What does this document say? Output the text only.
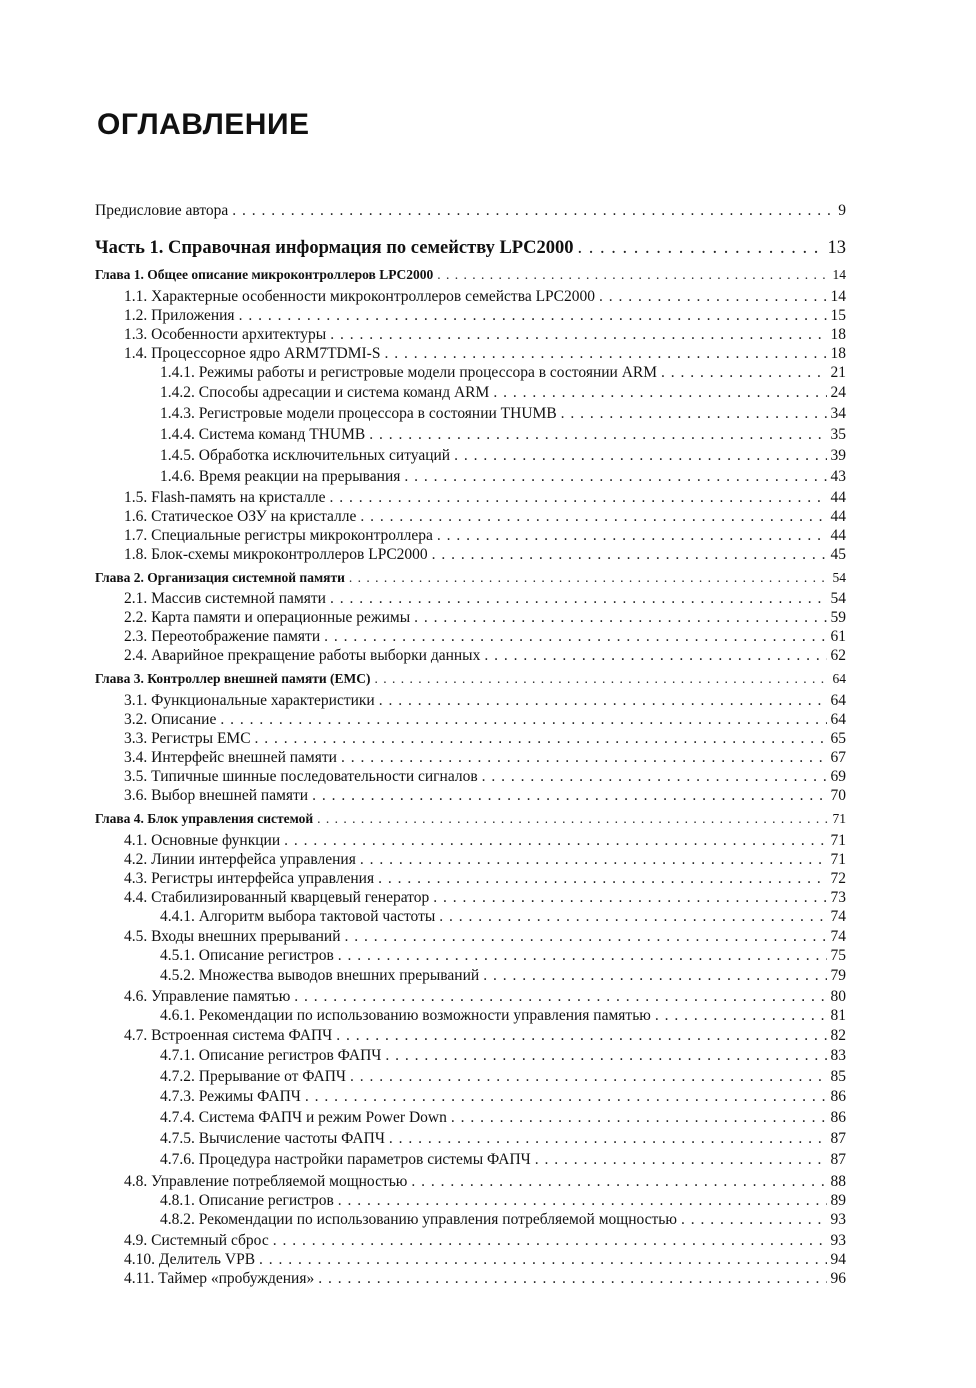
ОГЛАВЛЕНИЕ
Предисловие автора . . .	9
Часть 1. Справочная информация по семейству LPC2000 . . .	13
Глава 1. Общее описание микроконтроллеров LPC2000 . . .	14
1.1. Характерные особенности микроконтроллеров семейства LPC2000 . . .	14
1.2. Приложения . . .	15
1.3. Особенности архитектуры . . .	18
1.4. Процессорное ядро ARM7TDMI-S . . .	18
1.4.1. Режимы работы и регистровые модели процессора в состоянии ARM . . .	21
1.4.2. Способы адресации и система команд ARM . . .	24
1.4.3. Регистровые модели процессора в состоянии THUMB . . .	34
1.4.4. Система команд THUMB . . .	35
1.4.5. Обработка исключительных ситуаций . . .	39
1.4.6. Время реакции на прерывания . . .	43
1.5. Flash-память на кристалле . . .	44
1.6. Статическое ОЗУ на кристалле . . .	44
1.7. Специальные регистры микроконтроллера . . .	44
1.8. Блок-схемы микроконтроллеров LPC2000 . . .	45
Глава 2. Организация системной памяти . . .	54
2.1. Массив системной памяти . . .	54
2.2. Карта памяти и операционные режимы . . .	59
2.3. Переотображение памяти . . .	61
2.4. Аварийное прекращение работы выборки данных . . .	62
Глава 3. Контроллер внешней памяти (EMC) . . .	64
3.1. Функциональные характеристики . . .	64
3.2. Описание . . .	64
3.3. Регистры EMC . . .	65
3.4. Интерфейс внешней памяти . . .	67
3.5. Типичные шинные последовательности сигналов . . .	69
3.6. Выбор внешней памяти . . .	70
Глава 4. Блок управления системой . . .	71
4.1. Основные функции . . .	71
4.2. Линии интерфейса управления . . .	71
4.3. Регистры интерфейса управления . . .	72
4.4. Стабилизированный кварцевый генератор . . .	73
4.4.1. Алгоритм выбора тактовой частоты . . .	74
4.5. Входы внешних прерываний . . .	74
4.5.1. Описание регистров . . .	75
4.5.2. Множества выводов внешних прерываний . . .	79
4.6. Управление памятью . . .	80
4.6.1. Рекомендации по использованию возможности управления памятью . . .	81
4.7. Встроенная система ФАПЧ . . .	82
4.7.1. Описание регистров ФАПЧ . . .	83
4.7.2. Прерывание от ФАПЧ . . .	85
4.7.3. Режимы ФАПЧ . . .	86
4.7.4. Система ФАПЧ и режим Power Down . . .	86
4.7.5. Вычисление частоты ФАПЧ . . .	87
4.7.6. Процедура настройки параметров системы ФАПЧ . . .	87
4.8. Управление потребляемой мощностью . . .	88
4.8.1. Описание регистров . . .	89
4.8.2. Рекомендации по использованию управления потребляемой мощностью . . .	93
4.9. Системный сброс . . .	93
4.10. Делитель VPB . . .	94
4.11. Таймер «пробуждения» . . .	96
